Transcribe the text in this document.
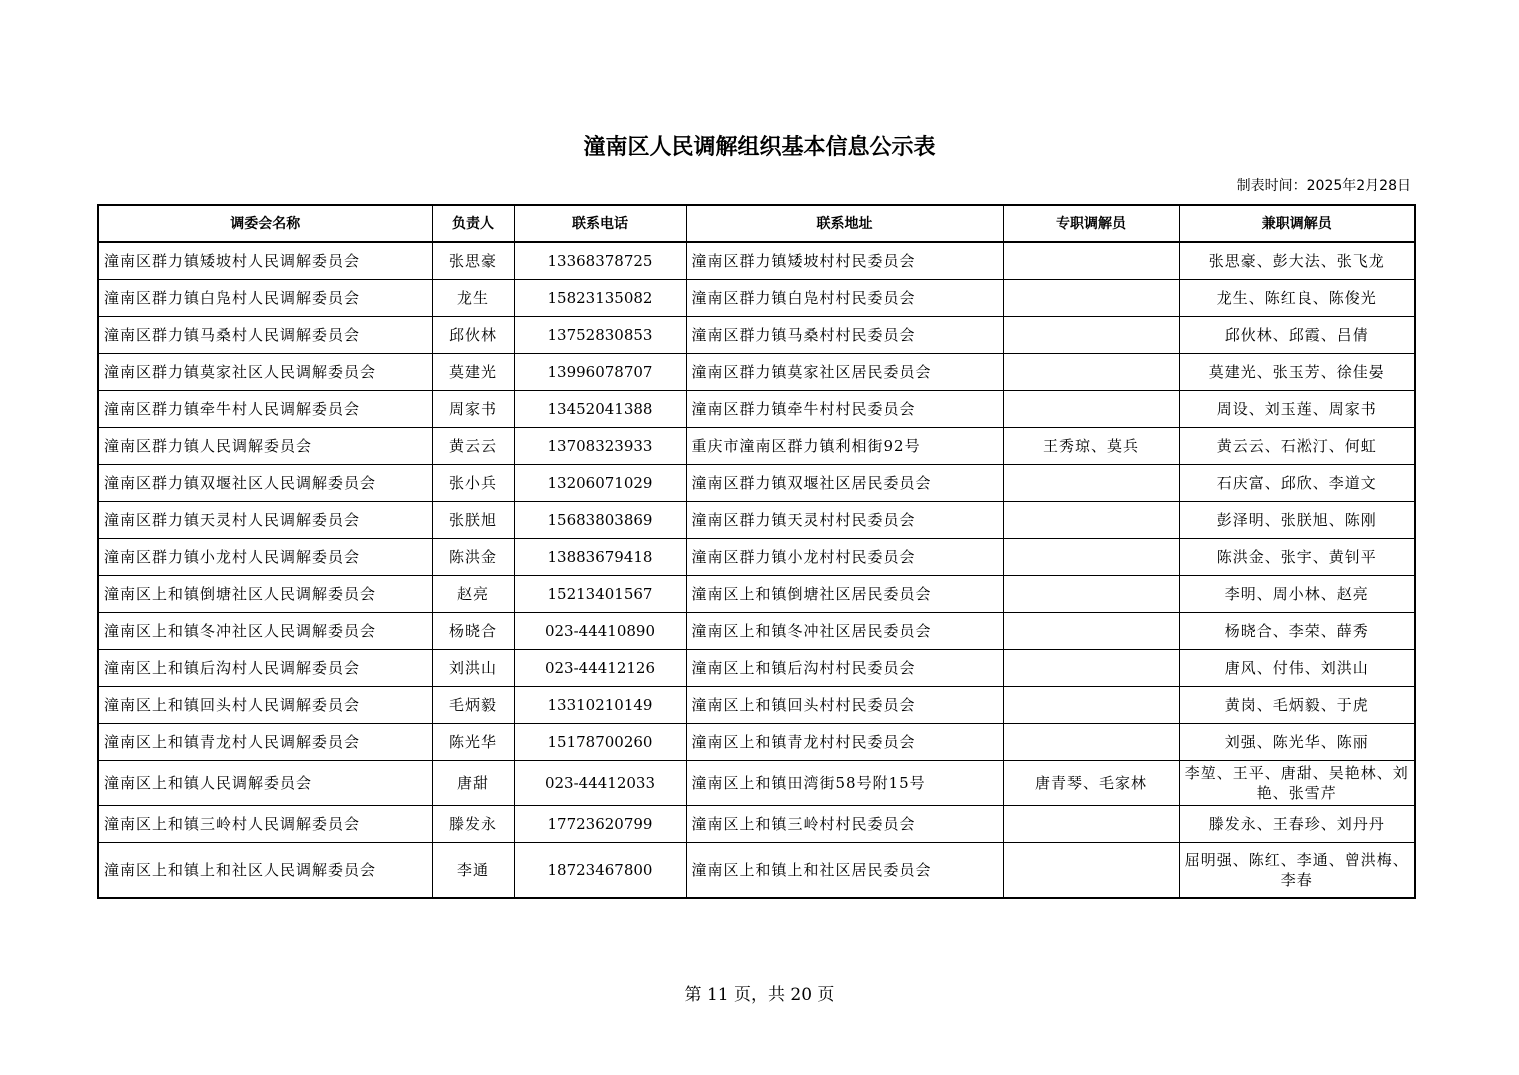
潼南区人民调解组织基本信息公示表
制表时间：2025年2月28日
调委会名称	负责人	联系电话	联系地址	专职调解员	兼职调解员
潼南区群力镇矮坡村人民调解委员会	张思豪	13368378725	潼南区群力镇矮坡村村民委员会		张思豪、彭大法、张飞龙
潼南区群力镇白凫村人民调解委员会	龙生	15823135082	潼南区群力镇白凫村村民委员会		龙生、陈红良、陈俊光
潼南区群力镇马桑村人民调解委员会	邱伙林	13752830853	潼南区群力镇马桑村村民委员会		邱伙林、邱霞、吕倩
潼南区群力镇莫家社区人民调解委员会	莫建光	13996078707	潼南区群力镇莫家社区居民委员会		莫建光、张玉芳、徐佳晏
潼南区群力镇牵牛村人民调解委员会	周家书	13452041388	潼南区群力镇牵牛村村民委员会		周设、刘玉莲、周家书
潼南区群力镇人民调解委员会	黄云云	13708323933	重庆市潼南区群力镇利相街92号	王秀琼、莫兵	黄云云、石淞汀、何虹
潼南区群力镇双堰社区人民调解委员会	张小兵	13206071029	潼南区群力镇双堰社区居民委员会		石庆富、邱欣、李道文
潼南区群力镇天灵村人民调解委员会	张朕旭	15683803869	潼南区群力镇天灵村村民委员会		彭泽明、张朕旭、陈刚
潼南区群力镇小龙村人民调解委员会	陈洪金	13883679418	潼南区群力镇小龙村村民委员会		陈洪金、张宇、黄钊平
潼南区上和镇倒塘社区人民调解委员会	赵亮	15213401567	潼南区上和镇倒塘社区居民委员会		李明、周小林、赵亮
潼南区上和镇冬冲社区人民调解委员会	杨晓合	023-44410890	潼南区上和镇冬冲社区居民委员会		杨晓合、李荣、薛秀
潼南区上和镇后沟村人民调解委员会	刘洪山	023-44412126	潼南区上和镇后沟村村民委员会		唐风、付伟、刘洪山
潼南区上和镇回头村人民调解委员会	毛炳毅	13310210149	潼南区上和镇回头村村民委员会		黄岗、毛炳毅、于虎
潼南区上和镇青龙村人民调解委员会	陈光华	15178700260	潼南区上和镇青龙村村民委员会		刘强、陈光华、陈丽
潼南区上和镇人民调解委员会	唐甜	023-44412033	潼南区上和镇田湾街58号附15号	唐青琴、毛家林	李堃、王平、唐甜、吴艳林、刘艳、张雪芹
潼南区上和镇三岭村人民调解委员会	滕发永	17723620799	潼南区上和镇三岭村村民委员会		滕发永、王春珍、刘丹丹
潼南区上和镇上和社区人民调解委员会	李通	18723467800	潼南区上和镇上和社区居民委员会		屈明强、陈红、李通、曾洪梅、李春
第 11 页，共 20 页
